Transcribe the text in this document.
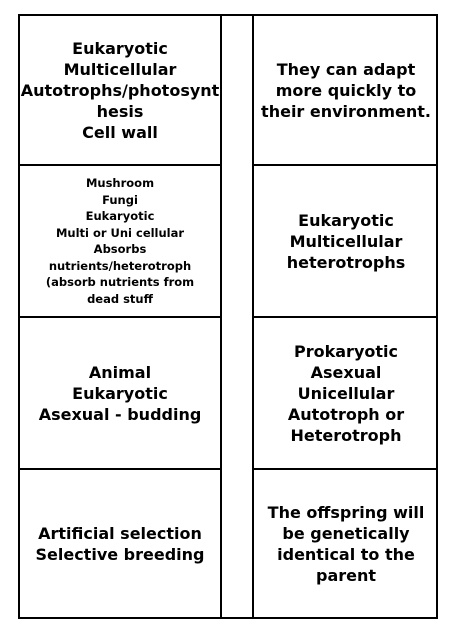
Eukaryotic
Multicellular
Autotrophs/photosynt
hesis
Cell wall
They can adapt
more quickly to
their environment.
Mushroom
Fungi
Eukaryotic
Multi or Uni cellular
Absorbs
nutrients/heterotroph
(absorb nutrients from
dead stuff
Eukaryotic
Multicellular
heterotrophs
Animal
Eukaryotic
Asexual - budding
Prokaryotic
Asexual
Unicellular
Autotroph or
Heterotroph
Artificial selection
Selective breeding
The offspring will
be genetically
identical to the
parent
